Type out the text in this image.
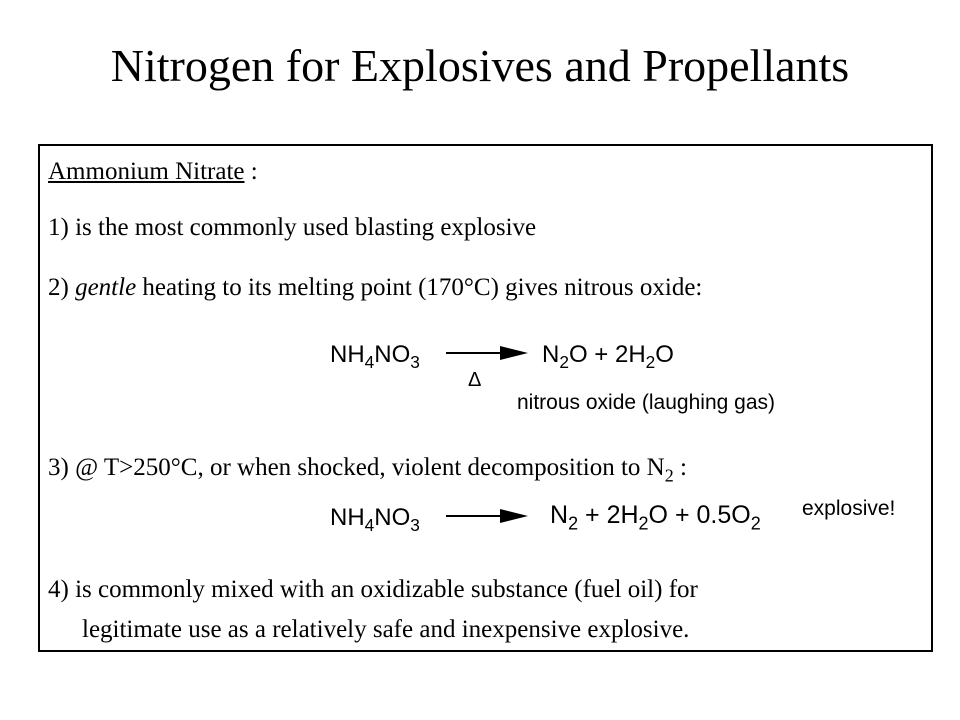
Nitrogen for Explosives and Propellants
Ammonium Nitrate :
1) is the most commonly used blasting explosive
2) gentle heating to its melting point (170°C) gives nitrous oxide:
$NH_4NO_3$
Δ
$N_2O + 2H_2O$
nitrous oxide (laughing gas)
3) @ T>250°C, or when shocked, violent decomposition to $N_2$ :
$NH_4NO_3$	$N_2 + 2H_2O + 0.5O_2$
explosive!
4) is commonly mixed with an oxidizable substance (fuel oil) for
legitimate use as a relatively safe and inexpensive explosive.
